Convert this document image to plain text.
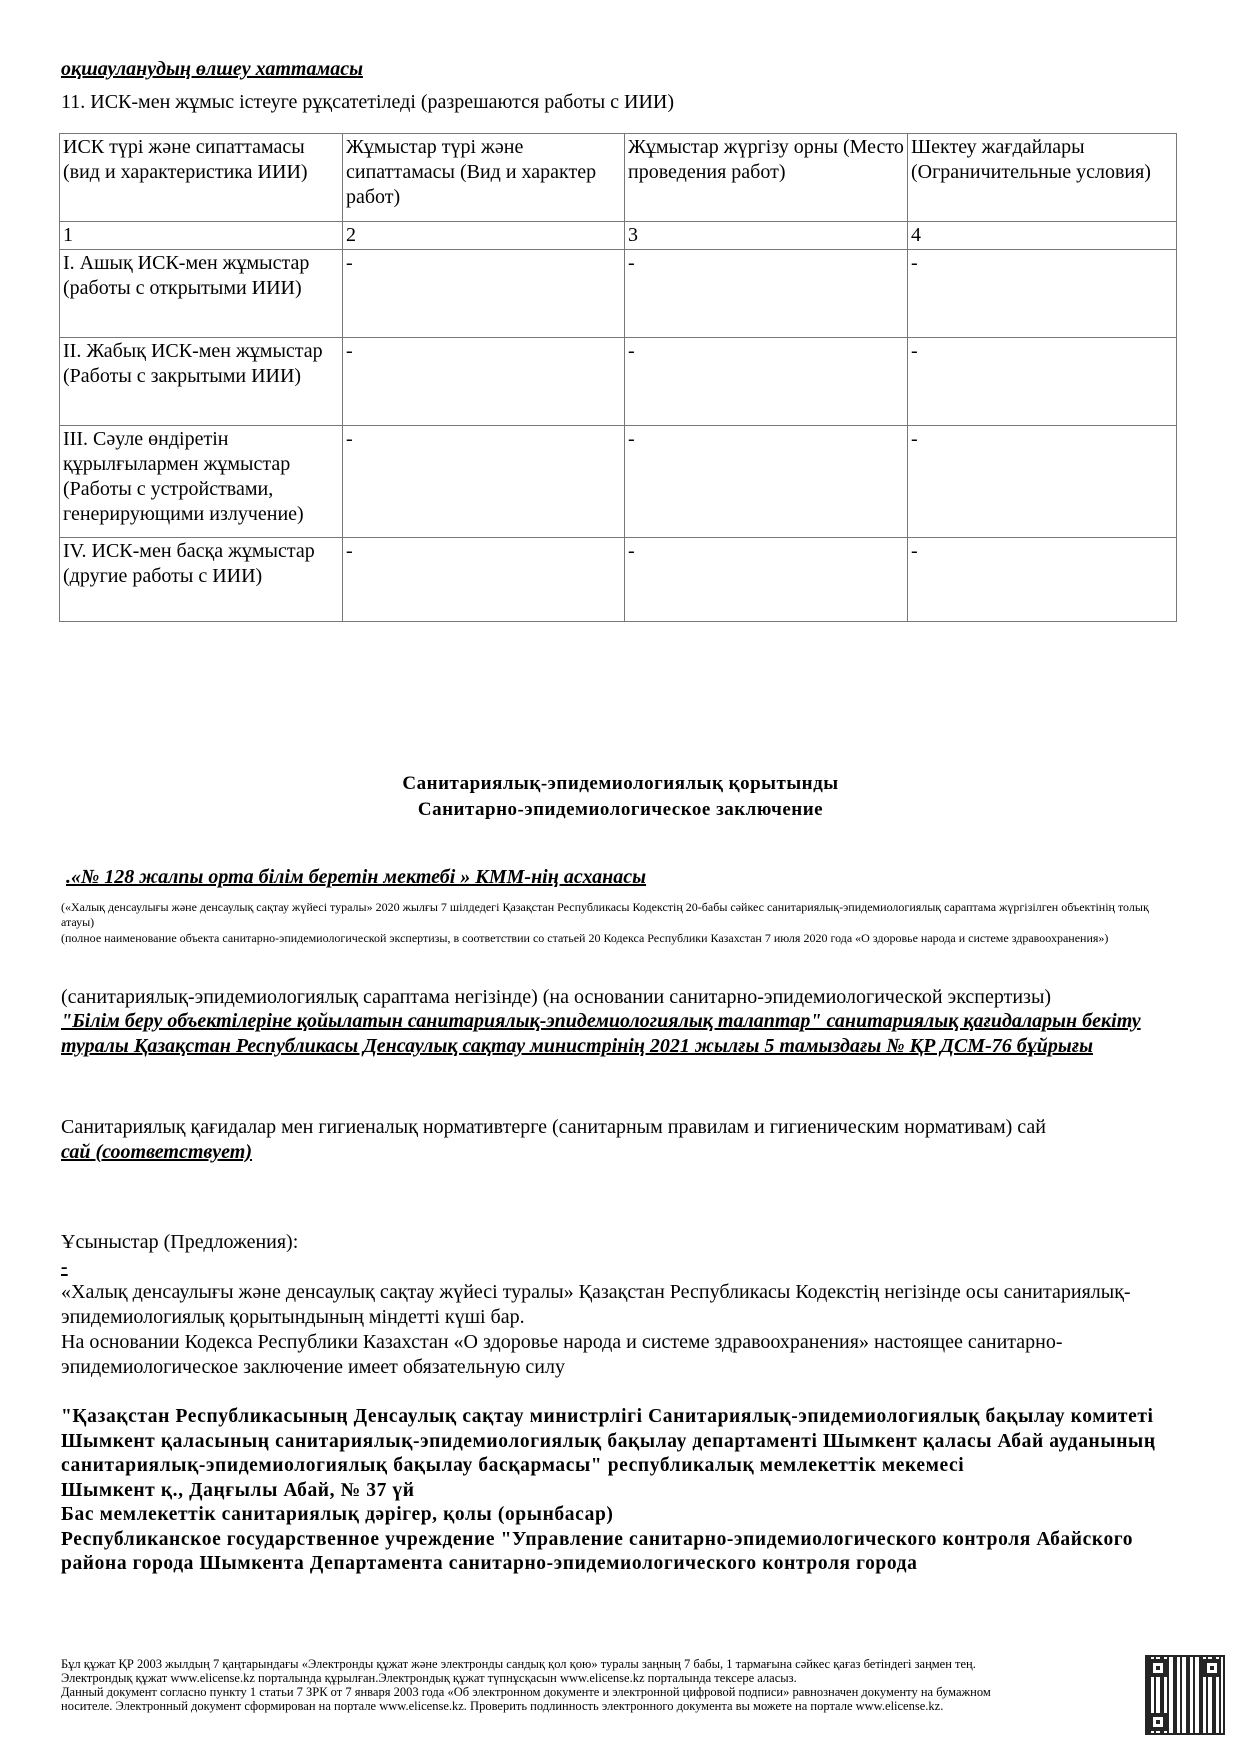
оқшауланудың өлшеу хаттамасы
11. ИСК-мен жұмыс істеуге рұқсатетіледі (разрешаются работы с ИИИ)
ИСК түрі және сипаттамасы (вид и характеристика ИИИ)	Жұмыстар түрі және сипаттамасы (Вид и характер работ)	Жұмыстар жүргізу орны (Место проведения работ)	Шектеу жағдайлары (Ограничительные условия)
1	2	3	4
I. Ашық ИСК-мен жұмыстар (работы с открытыми ИИИ)	-	-	-
II. Жабық ИСК-мен жұмыстар (Работы с закрытыми ИИИ)	-	-	-
III. Сәуле өндіретін құрылғылармен жұмыстар (Работы с устройствами, генерирующими излучение)	-	-	-
IV. ИСК-мен басқа жұмыстар (другие работы с ИИИ)	-	-	-
Санитариялық-эпидемиологиялық қорытынды
Санитарно-эпидемиологическое заключение
.«№ 128 жалпы орта білім беретін мектебі » КММ-нің асханасы
(«Халық денсаулығы және денсаулық сақтау жүйесі туралы» 2020 жылғы 7 шілдедегі Қазақстан Республикасы Кодекстің 20-бабы сәйкес санитариялық-эпидемиологиялық сараптама жүргізілген объектінің толық атауы)
(полное наименование объекта санитарно-эпидемиологической экспертизы, в соответствии со статьей 20 Кодекса Республики Казахстан 7 июля 2020 года «О здоровье народа и системе здравоохранения»)
(санитариялық-эпидемиологиялық сараптама негізінде) (на основании санитарно-эпидемиологической экспертизы)
"Білім беру объектілеріне қойылатын санитариялық-эпидемиологиялық талаптар" санитариялық қағидаларын бекіту туралы Қазақстан Республикасы Денсаулық сақтау министрінің 2021 жылғы 5 тамыздағы № ҚР ДСМ-76 бұйрығы
Санитариялық қағидалар мен гигиеналық нормативтерге (санитарным правилам и гигиеническим нормативам) сай
сай (соответствует)
Ұсыныстар (Предложения):
-
«Халық денсаулығы және денсаулық сақтау жүйесі туралы» Қазақстан Республикасы Кодекстің негізінде осы санитариялық-эпидемиологиялық қорытындының міндетті күші бар.
На основании Кодекса Республики Казахстан «О здоровье народа и системе здравоохранения» настоящее санитарно-эпидемиологическое заключение имеет обязательную силу
"Қазақстан Республикасының Денсаулық сақтау министрлігі Санитариялық-эпидемиологиялық бақылау комитеті Шымкент қаласының санитариялық-эпидемиологиялық бақылау департаменті Шымкент қаласы Абай ауданының санитариялық-эпидемиологиялық бақылау басқармасы" республикалық мемлекеттік мекемесі
Шымкент қ., Даңғылы Абай, № 37 үй
Бас мемлекеттік санитариялық дәрігер, қолы (орынбасар)
Республиканское государственное учреждение "Управление санитарно-эпидемиологического контроля Абайского района города Шымкента Департамента санитарно-эпидемиологического контроля города
Бұл құжат ҚР 2003 жылдың 7 қаңтарындағы «Электронды құжат және электронды сандық қол қою» туралы заңның 7 бабы, 1 тармағына сәйкес қағаз бетіндегі заңмен тең.
Электрондық құжат www.elicense.kz порталында құрылған.Электрондық құжат түпнұсқасын www.elicense.kz порталында тексере аласыз.
Данный документ согласно пункту 1 статьи 7 ЗРК от 7 января 2003 года «Об электронном документе и электронной цифровой подписи» равнозначен документу на бумажном
носителе. Электронный документ сформирован на портале www.elicense.kz. Проверить подлинность электронного документа вы можете на портале www.elicense.kz.
